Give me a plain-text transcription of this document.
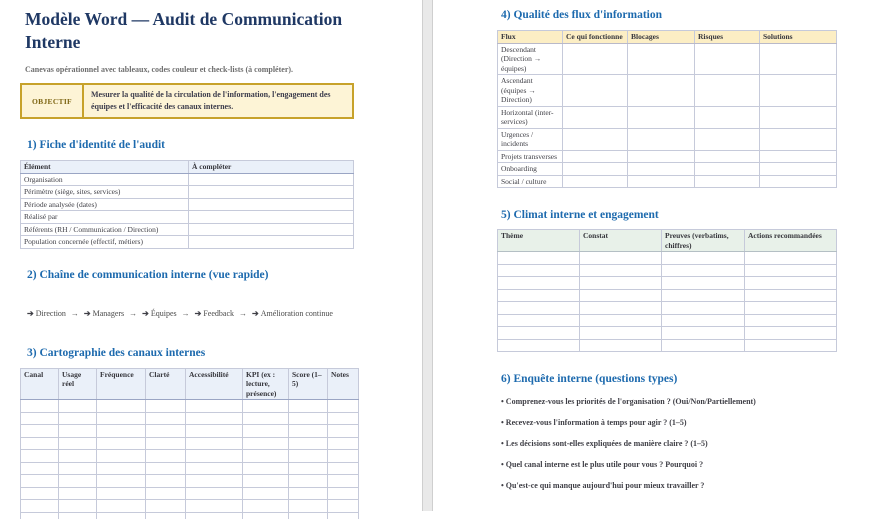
Modèle Word — Audit de Communication Interne

Canevas opérationnel avec tableaux, codes couleur et check-lists (à compléter).

OBJECTIF
Mesurer la qualité de la circulation de l'information, l'engagement des équipes et l'efficacité des canaux internes.
1) Fiche d'identité de l'audit
Élément	À compléter
Organisation	
Périmètre (siège, sites, services)	
Période analysée (dates)	
Réalisé par	
Référents (RH / Communication / Direction)	
Population concernée (effectif, métiers)	
2) Chaîne de communication interne (vue rapide)
➔ Direction → ➔ Managers → ➔ Équipes → ➔ Feedback → ➔ Amélioration continue
3) Cartographie des canaux internes
Canal	Usage réel	Fréquence	Clarté	Accessibilité	KPI (ex : lecture, présence)	Score (1–5)	Notes

4) Qualité des flux d'information
Flux	Ce qui fonctionne	Blocages	Risques	Solutions
Descendant (Direction → équipes)				
Ascendant (équipes → Direction)				
Horizontal (inter-services)				
Urgences / incidents				
Projets transverses				
Onboarding				
Social / culture				
5) Climat interne et engagement
Thème	Constat	Preuves (verbatims, chiffres)	Actions recommandées

6) Enquête interne (questions types)

• Comprenez-vous les priorités de l'organisation ? (Oui/Non/Partiellement)

• Recevez-vous l'information à temps pour agir ? (1–5)

• Les décisions sont-elles expliquées de manière claire ? (1–5)

• Quel canal interne est le plus utile pour vous ? Pourquoi ?

• Qu'est-ce qui manque aujourd'hui pour mieux travailler ?
